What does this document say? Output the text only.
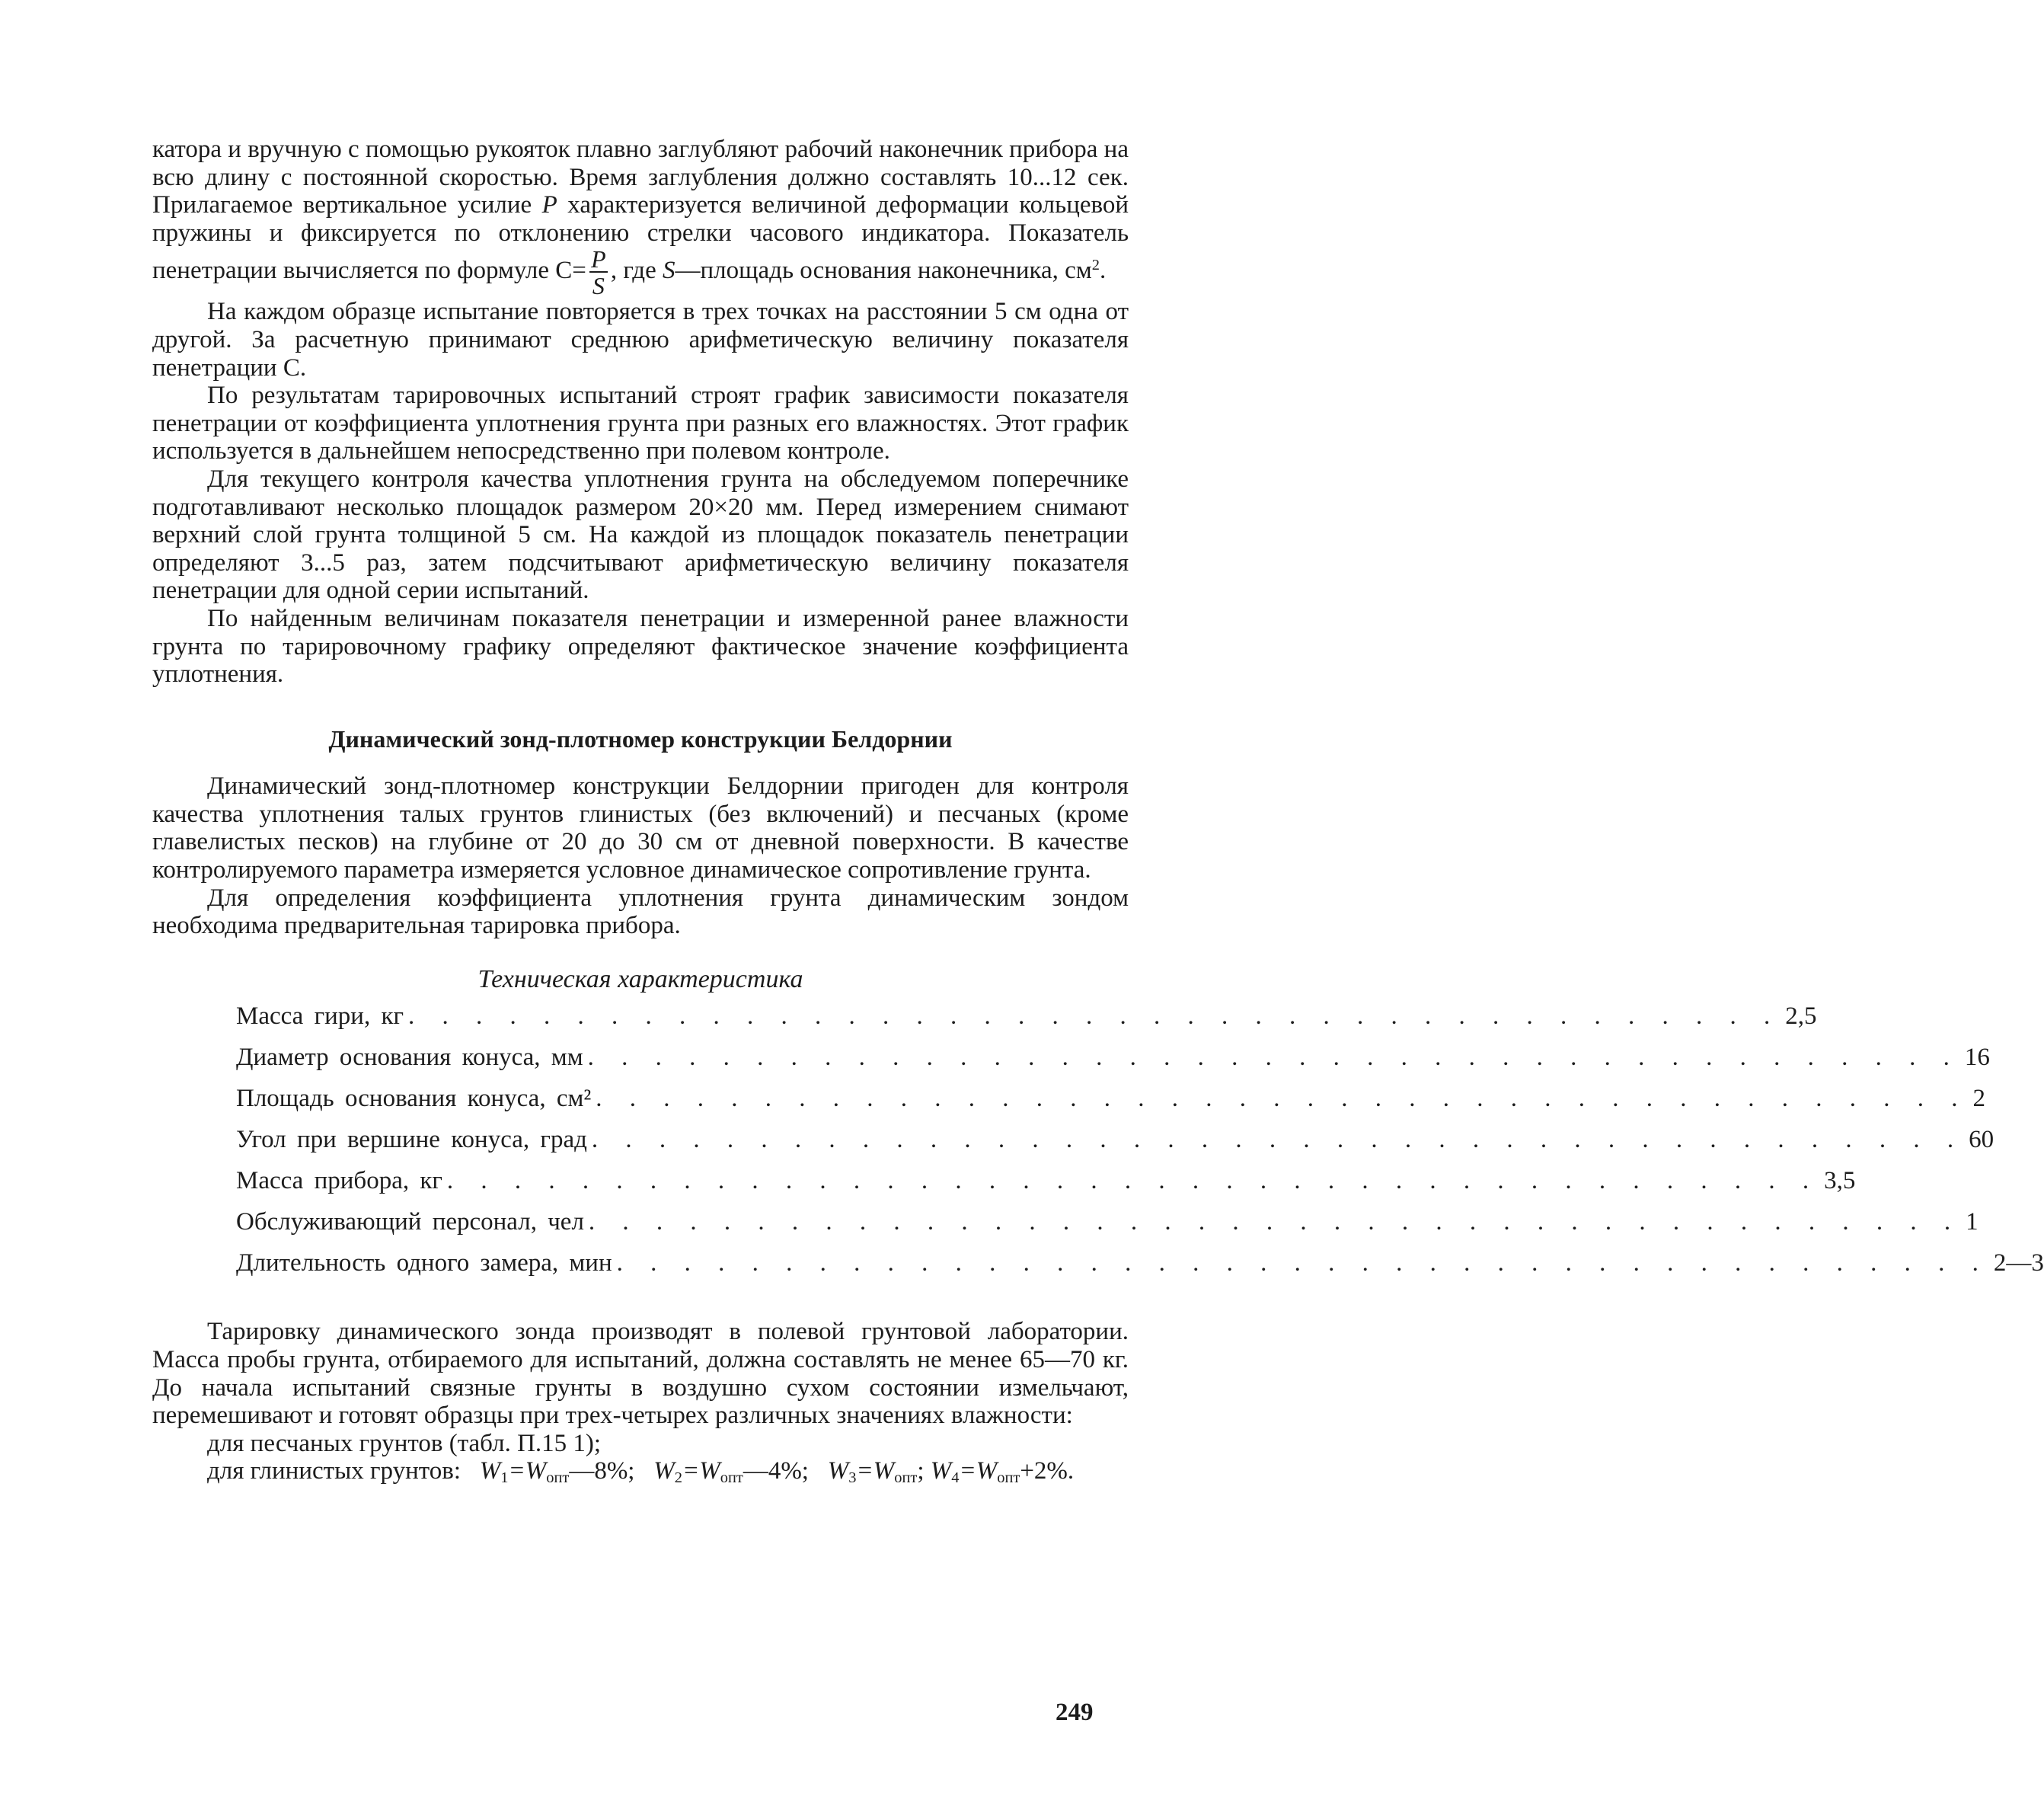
катора и вручную с помощью рукояток плавно заглубляют рабочий наконечник прибора на всю длину с постоянной скоростью. Время заглубления должно составлять 10...12 сек. Прилагаемое вертикальное усилие P характеризуется величиной деформации кольцевой пружины и фиксируется по отклонению стрелки часового индикатора. Показатель пенетрации вычисляется по формуле $C= \frac{P}{S}$ , где S—площадь основания наконечника, $см^2$.

На каждом образце испытание повторяется в трех точках на расстоянии 5 см одна от другой. За расчетную принимают среднюю арифметическую величину показателя пенетрации С.

По результатам тарировочных испытаний строят график зависимости показателя пенетрации от коэффициента уплотнения грунта при разных его влажностях. Этот график используется в дальнейшем непосредственно при полевом контроле.

Для текущего контроля качества уплотнения грунта на обследуемом поперечнике подготавливают несколько площадок размером 20×20 мм. Перед измерением снимают верхний слой грунта толщиной 5 см. На каждой из площадок показатель пенетрации определяют 3...5 раз, затем подсчитывают арифметическую величину показателя пенетрации для одной серии испытаний.

По найденным величинам показателя пенетрации и измеренной ранее влажности грунта по тарировочному графику определяют фактическое значение коэффициента уплотнения.

Динамический зонд-плотномер конструкции Белдорнии

Динамический зонд-плотномер конструкции Белдорнии пригоден для контроля качества уплотнения талых грунтов глинистых (без включений) и песчаных (кроме главелистых песков) на глубине от 20 до 30 см от дневной поверхности. В качестве контролируемого параметра измеряется условное динамическое сопротивление грунта.

Для определения коэффициента уплотнения грунта динамическим зондом необходима предварительная тарировка прибора.

Техническая характеристика
Масса гири, кг . . . . . . . . . . . . . . . . . . . . . . . . . . . . . . . . . . . . . . . . . 2,5
Диаметр основания конуса, мм . . . . . . . . . . . . . . . . . . . . . . . . . . . . . . . . . . . . . . . . . 16
Площадь основания конуса, см² . . . . . . . . . . . . . . . . . . . . . . . . . . . . . . . . . . . . . . . . . 2
Угол при вершине конуса, град . . . . . . . . . . . . . . . . . . . . . . . . . . . . . . . . . . . . . . . . . 60
Масса прибора, кг . . . . . . . . . . . . . . . . . . . . . . . . . . . . . . . . . . . . . . . . . 3,5
Обслуживающий персонал, чел . . . . . . . . . . . . . . . . . . . . . . . . . . . . . . . . . . . . . . . . . 1
Длительность одного замера, мин . . . . . . . . . . . . . . . . . . . . . . . . . . . . . . . . . . . . . . . . . 2—3

Тарировку динамического зонда производят в полевой грунтовой лаборатории. Масса пробы грунта, отбираемого для испытаний, должна составлять не менее 65—70 кг. До начала испытаний связные грунты в воздушно сухом состоянии измельчают, перемешивают и готовят образцы при трех-четырех различных значениях влажности:

для песчаных грунтов (табл. П.15 1);

для глинистых грунтов: $W_1=W_{опт}—8\%$; $W_2=W_{опт}—4\%$; $W_3=W_{опт}$; $W_4=W_{опт}+2\%$.

249
